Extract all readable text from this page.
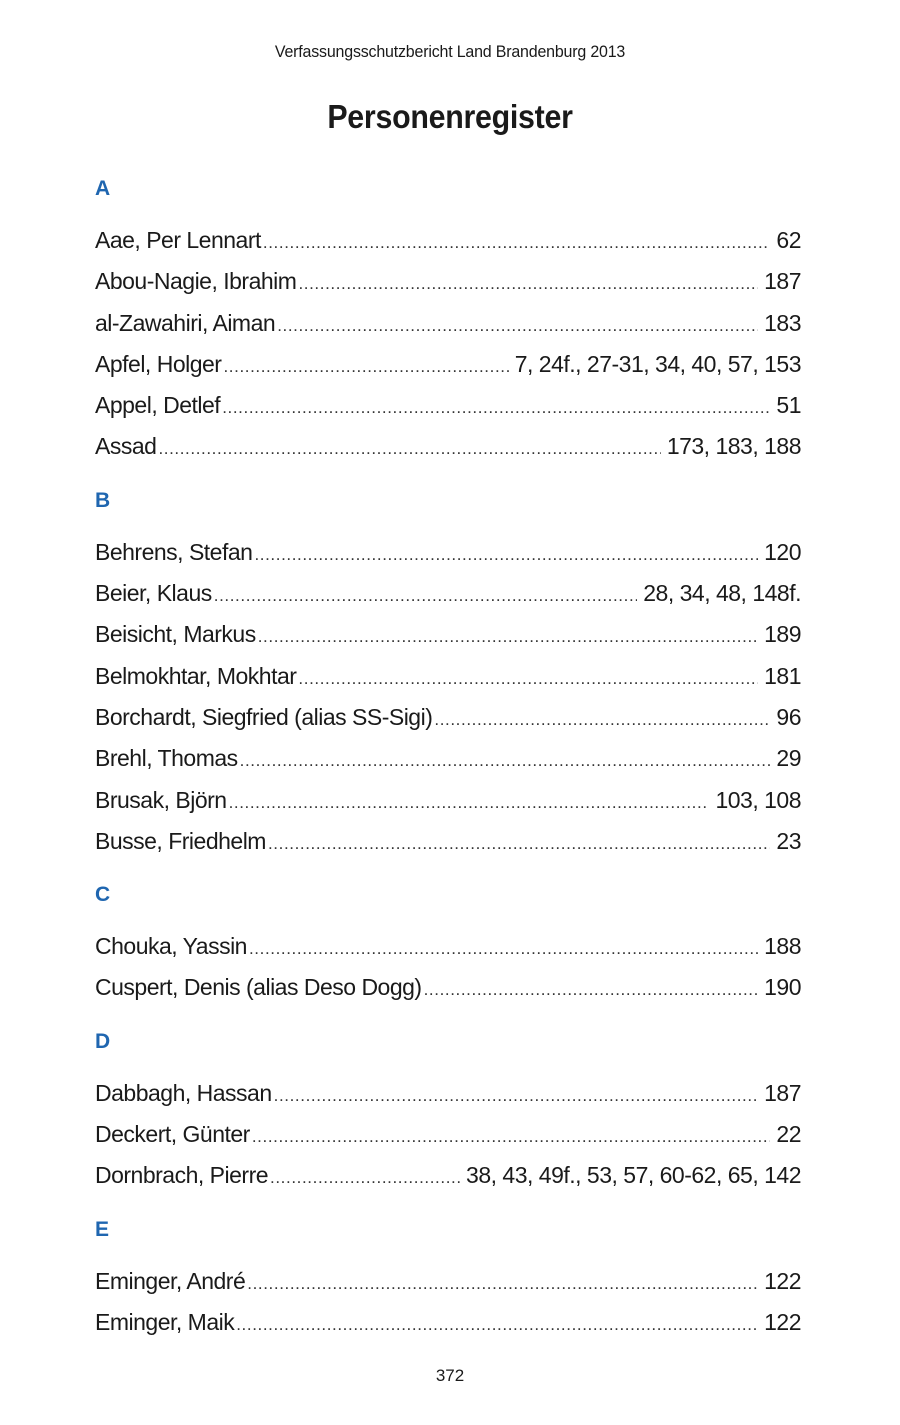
Verfassungsschutzbericht Land Brandenburg 2013
Personenregister
A
Aae, Per Lennart .....	62
Abou-Nagie, Ibrahim .....	187
al-Zawahiri, Aiman .....	183
Apfel, Holger .....	7, 24f., 27-31, 34, 40, 57, 153
Appel, Detlef .....	51
Assad .....	173, 183, 188
B
Behrens, Stefan .....	120
Beier, Klaus .....	28, 34, 48, 148f.
Beisicht, Markus .....	189
Belmokhtar, Mokhtar .....	181
Borchardt, Siegfried (alias SS-Sigi) .....	96
Brehl, Thomas .....	29
Brusak, Björn .....	103, 108
Busse, Friedhelm .....	23
C
Chouka, Yassin .....	188
Cuspert, Denis (alias Deso Dogg) .....	190
D
Dabbagh, Hassan .....	187
Deckert, Günter .....	22
Dornbrach, Pierre .....	38, 43, 49f., 53, 57, 60-62, 65, 142
E
Eminger, André .....	122
Eminger, Maik .....	122
372
